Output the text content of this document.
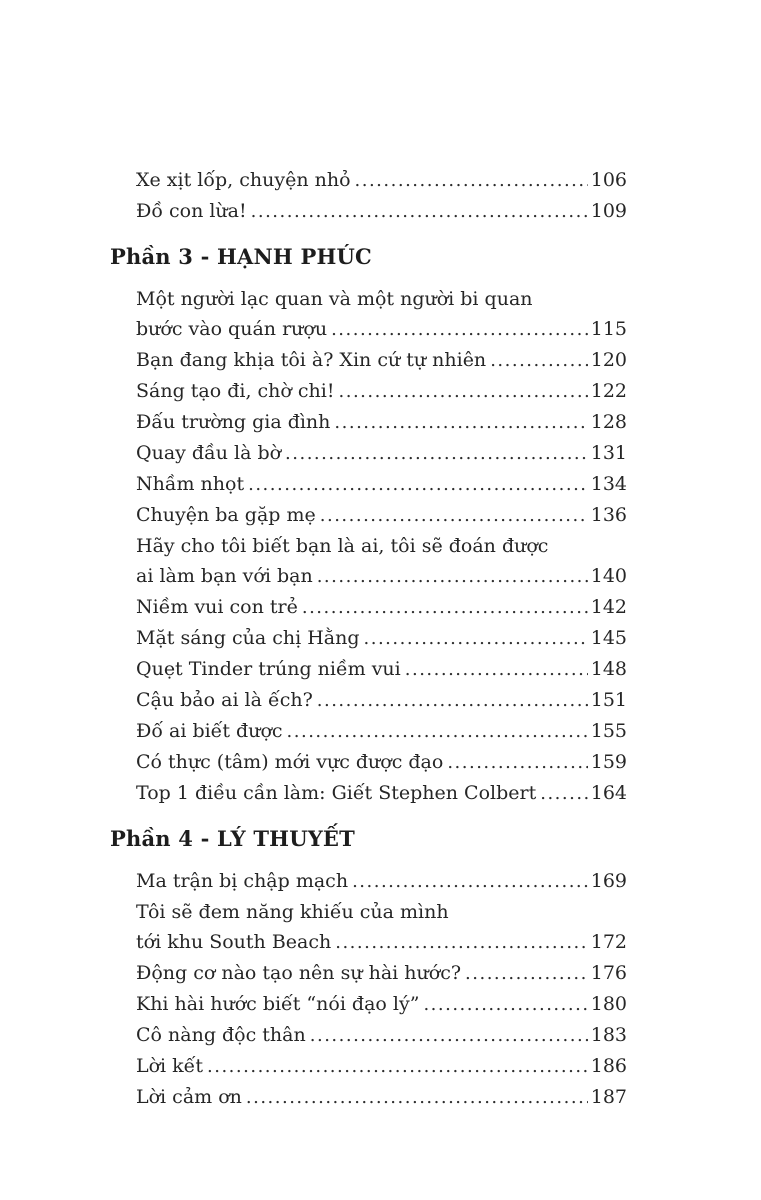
Xe xịt lốp, chuyện nhỏ .....	106
Đồ con lừa! .....	109
Phần 3 - HẠNH PHÚC
Một người lạc quan và một người bi quan
bước vào quán rượu .....	115
Bạn đang khịa tôi à? Xin cứ tự nhiên .....	120
Sáng tạo đi, chờ chi! .....	122
Đấu trường gia đình .....	128
Quay đầu là bờ .....	131
Nhầm nhọt .....	134
Chuyện ba gặp mẹ .....	136
Hãy cho tôi biết bạn là ai, tôi sẽ đoán được
ai làm bạn với bạn .....	140
Niềm vui con trẻ .....	142
Mặt sáng của chị Hằng .....	145
Quẹt Tinder trúng niềm vui .....	148
Cậu bảo ai là ếch? .....	151
Đố ai biết được .....	155
Có thực (tâm) mới vực được đạo .....	159
Top 1 điều cần làm: Giết Stephen Colbert .....	164
Phần 4 - LÝ THUYẾT
Ma trận bị chập mạch .....	169
Tôi sẽ đem năng khiếu của mình
tới khu South Beach .....	172
Động cơ nào tạo nên sự hài hước? .....	176
Khi hài hước biết “nói đạo lý” .....	180
Cô nàng độc thân .....	183
Lời kết .....	186
Lời cảm ơn .....	187
